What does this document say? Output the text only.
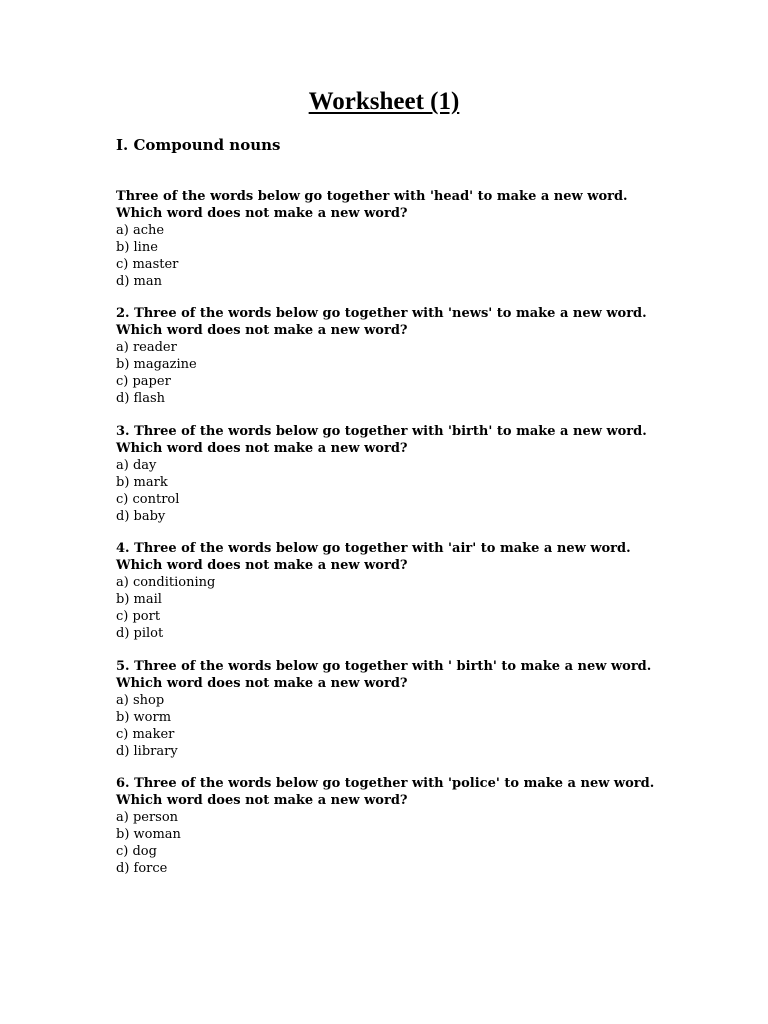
Worksheet (1)
I. Compound nouns

Three of the words below go together with 'head' to make a new word. Which word does not make a new word?

a) ache
b) line
c) master
d) man

2. Three of the words below go together with 'news' to make a new word. Which word does not make a new word?

a) reader
b) magazine
c) paper
d) flash

3. Three of the words below go together with 'birth' to make a new word. Which word does not make a new word?

a) day
b) mark
c) control
d) baby

4. Three of the words below go together with 'air' to make a new word. Which word does not make a new word?

a) conditioning
b) mail
c) port
d) pilot

5. Three of the words below go together with ' birth' to make a new word. Which word does not make a new word?

a) shop
b) worm
c) maker
d) library

6. Three of the words below go together with 'police' to make a new word. Which word does not make a new word?

a) person
b) woman
c) dog
d) force
